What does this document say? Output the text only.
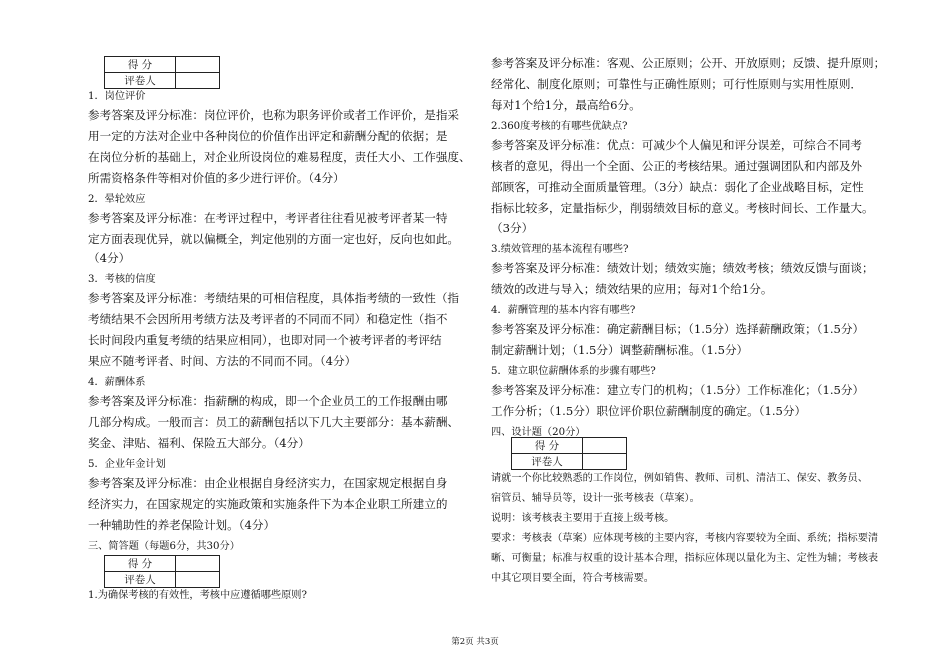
得 分	
评卷人	
1．岗位评价
参考答案及评分标准：岗位评价，也称为职务评价或者工作评价，是指采
用一定的方法对企业中各种岗位的价值作出评定和薪酬分配的依据；是
在岗位分析的基础上，对企业所设岗位的难易程度，责任大小、工作强度、
所需资格条件等相对价值的多少进行评价。（4分）
2．晕轮效应
参考答案及评分标准：在考评过程中，考评者往往看见被考评者某一特
定方面表现优异，就以偏概全，判定他别的方面一定也好，反向也如此。
（4分）
3．考核的信度
参考答案及评分标准：考绩结果的可相信程度，具体指考绩的一致性（指
考绩结果不会因所用考绩方法及考评者的不同而不同）和稳定性（指不
长时间段内重复考绩的结果应相同），也即对同一个被考评者的考评结
果应不随考评者、时间、方法的不同而不同。（4分）
4．薪酬体系
参考答案及评分标准：指薪酬的构成，即一个企业员工的工作报酬由哪
几部分构成。一般而言：员工的薪酬包括以下几大主要部分：基本薪酬、
奖金、津贴、福利、保险五大部分。（4分）
5．企业年金计划
参考答案及评分标准：由企业根据自身经济实力，在国家规定根据自身
经济实力，在国家规定的实施政策和实施条件下为本企业职工所建立的
一种辅助性的养老保险计划。（4分）
三、简答题（每题6分，共30分）
得 分	
评卷人	
1.为确保考核的有效性，考核中应遵循哪些原则?
参考答案及评分标准：客观、公正原则；公开、开放原则；反馈、提升原则；
经常化、制度化原则；可靠性与正确性原则；可行性原则与实用性原则．
每对1个给1分，最高给6分。
2.360度考核的有哪些优缺点?
参考答案及评分标准：优点：可减少个人偏见和评分误差，可综合不同考
核者的意见，得出一个全面、公正的考核结果。通过强调团队和内部及外
部顾客，可推动全面质量管理。（3分）缺点：弱化了企业战略目标，定性
指标比较多，定量指标少，削弱绩效目标的意义。考核时间长、工作量大。
（3分）
3.绩效管理的基本流程有哪些?
参考答案及评分标准：绩效计划；绩效实施；绩效考核；绩效反馈与面谈；
绩效的改进与导入；绩效结果的应用；每对1个给1分。
4．薪酬管理的基本内容有哪些?
参考答案及评分标准：确定薪酬目标；（1.5分）选择薪酬政策；（1.5分）
制定薪酬计划；（1.5分）调整薪酬标准。（1.5分）
5．建立职位薪酬体系的步骤有哪些?
参考答案及评分标准：建立专门的机构；（1.5分）工作标准化；（1.5分）
工作分析；（1.5分）职位评价职位薪酬制度的确定。（1.5分）
四、设计题（20分）
得 分	
评卷人	
请就一个你比较熟悉的工作岗位，例如销售、教师、司机、清洁工、保安、教务员、
宿管员、辅导员等，设计一张考核表（草案）。
说明：该考核表主要用于直接上级考核。
要求：考核表（草案）应体现考核的主要内容，考核内容要较为全面、系统；指标要清
晰、可衡量；标准与权重的设计基本合理，指标应体现以量化为主、定性为辅；考核表
中其它项目要全面，符合考核需要。
第2页 共3页
